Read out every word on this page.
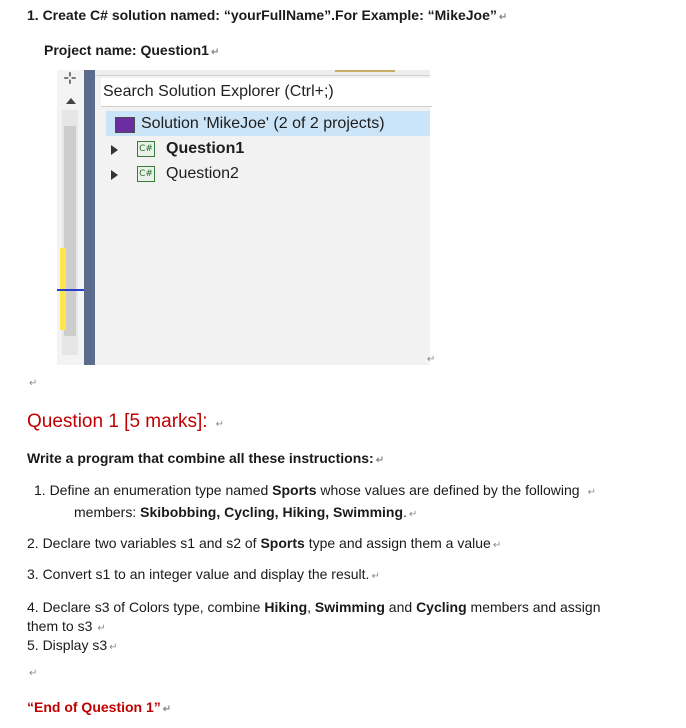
1. Create C# solution named: “yourFullName”.For Example: “MikeJoe” ↵
Project name: Question1 ↵
⊹
Search Solution Explorer (Ctrl+;)
Solution 'MikeJoe' (2 of 2 projects)
C# Question1
C# Question2
↵
↵
Question 1 [5 marks]: ↵
Write a program that combine all these instructions: ↵
1. Define an enumeration type named Sports whose values are defined by the following ↵
members: Skibobbing, Cycling, Hiking, Swimming. ↵
2. Declare two variables s1 and s2 of Sports type and assign them a value ↵
3. Convert s1 to an integer value and display the result. ↵
4. Declare s3 of Colors type, combine Hiking, Swimming and Cycling members and assign
them to s3 ↵
5. Display s3 ↵
↵
“End of Question 1” ↵
